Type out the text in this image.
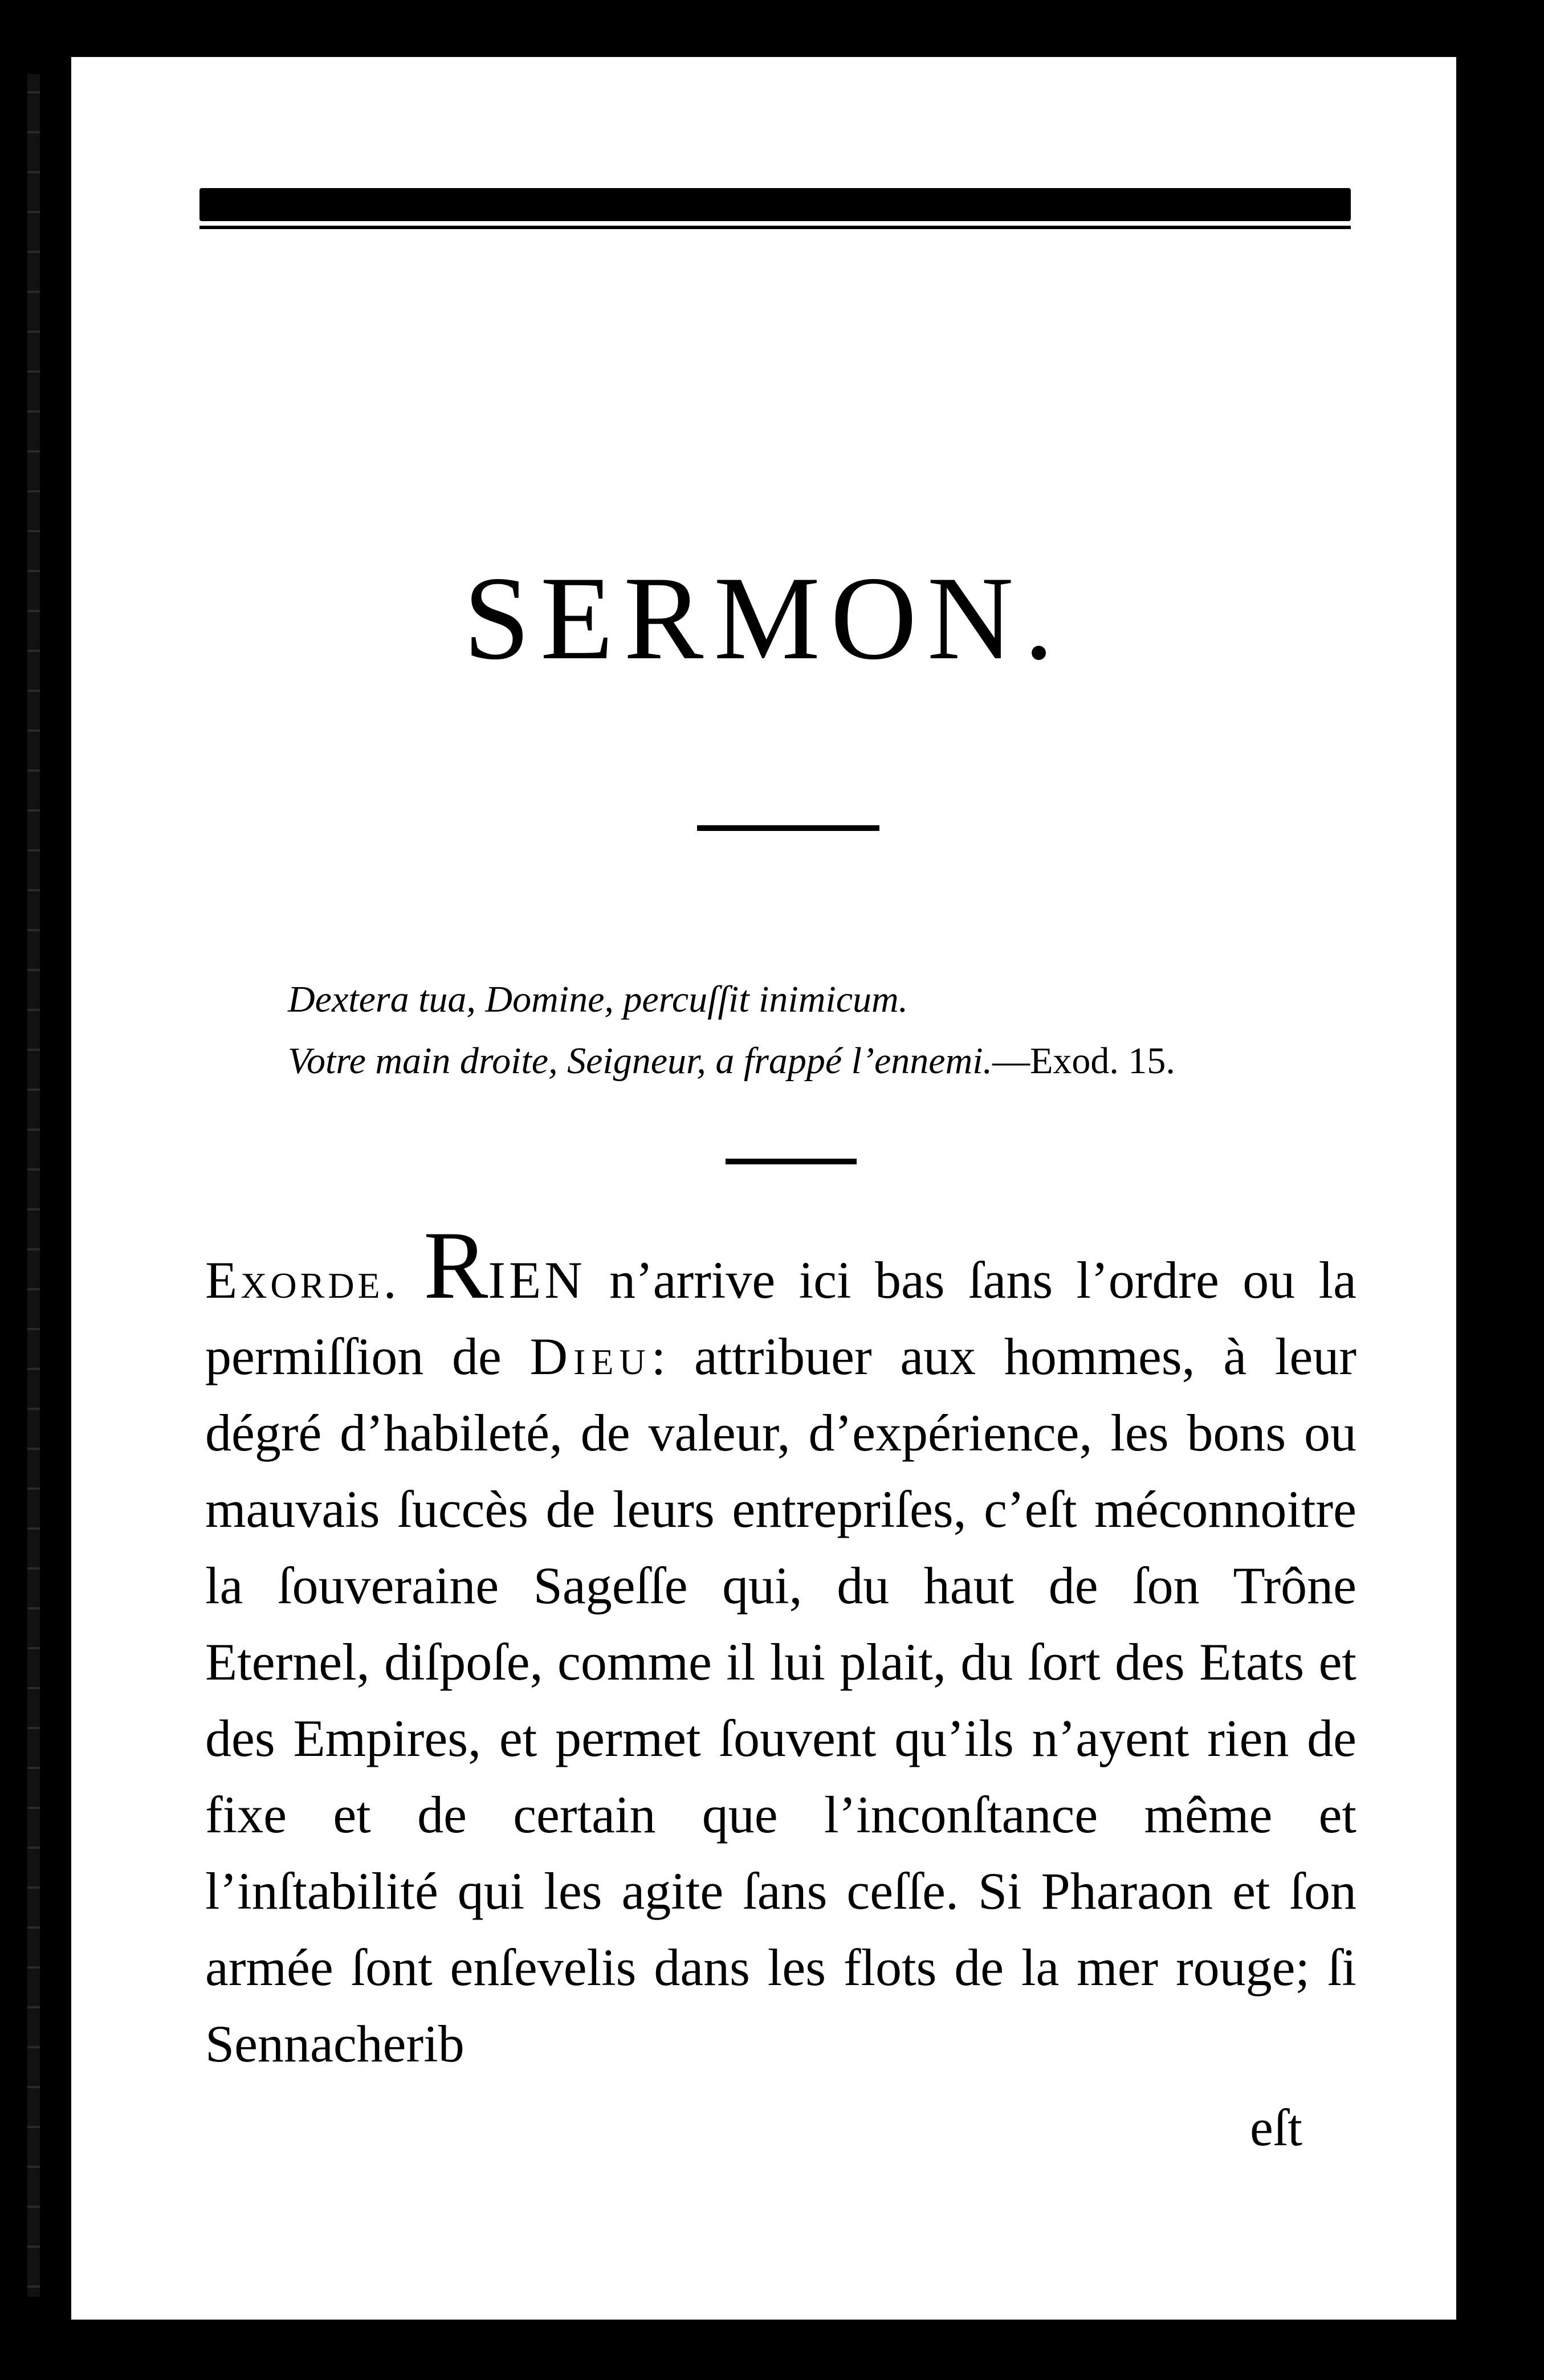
SERMON.
Dextera tua, Domine, percuſſit inimicum.
Votre main droite, Seigneur, a frappé l’ennemi.—Exod. 15.
Exorde. RIEN n’arrive ici bas ſans l’ordre ou la permiſſion de Dieu: attribuer aux hommes, à leur dégré d’habileté, de valeur, d’expérience, les bons ou mauvais ſuccès de leurs entrepriſes, c’eſt méconnoitre la ſouveraine Sageſſe qui, du haut de ſon Trône Eternel, diſpoſe, comme il lui plait, du ſort des Etats et des Empires, et permet ſouvent qu’ils n’ayent rien de fixe et de certain que l’inconſtance même et l’inſtabilité qui les agite ſans ceſſe. Si Pharaon et ſon armée ſont enſevelis dans les flots de la mer rouge; ſi Sennacherib
eſt
